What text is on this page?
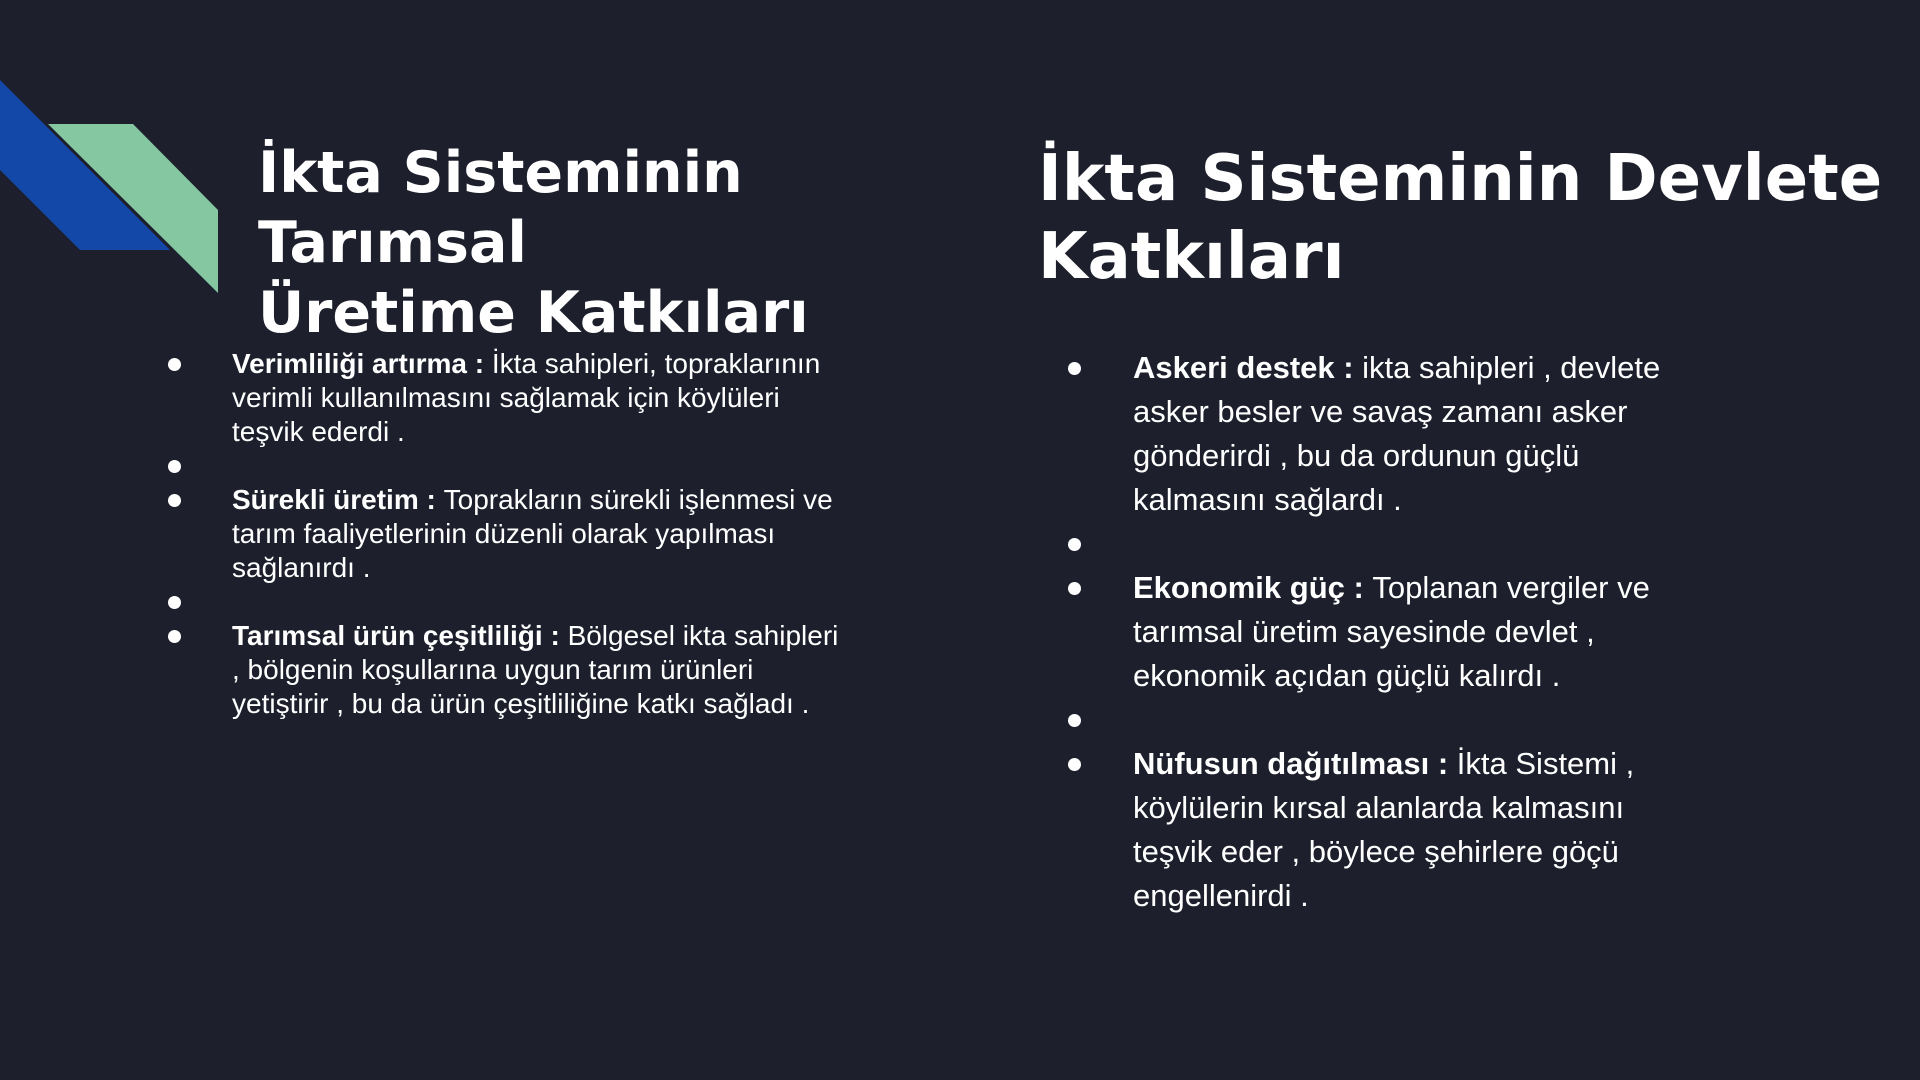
İkta Sisteminin Tarımsal
Üretime Katkıları
İkta Sisteminin Devlete
Katkıları
Verimliliği artırma : İkta sahipleri, topraklarının verimli kullanılmasını sağlamak için köylüleri teşvik ederdi .
Sürekli üretim : Toprakların sürekli işlenmesi ve tarım faaliyetlerinin düzenli olarak yapılması sağlanırdı .
Tarımsal ürün çeşitliliği : Bölgesel ikta sahipleri , bölgenin koşullarına uygun tarım ürünleri yetiştirir , bu da ürün çeşitliliğine katkı sağladı .
Askeri destek : ikta sahipleri , devlete asker besler ve savaş zamanı asker gönderirdi , bu da ordunun güçlü kalmasını sağlardı .
Ekonomik güç : Toplanan vergiler ve tarımsal üretim sayesinde devlet , ekonomik açıdan güçlü kalırdı .
Nüfusun dağıtılması : İkta Sistemi , köylülerin kırsal alanlarda kalmasını teşvik eder , böylece şehirlere göçü engellenirdi .
